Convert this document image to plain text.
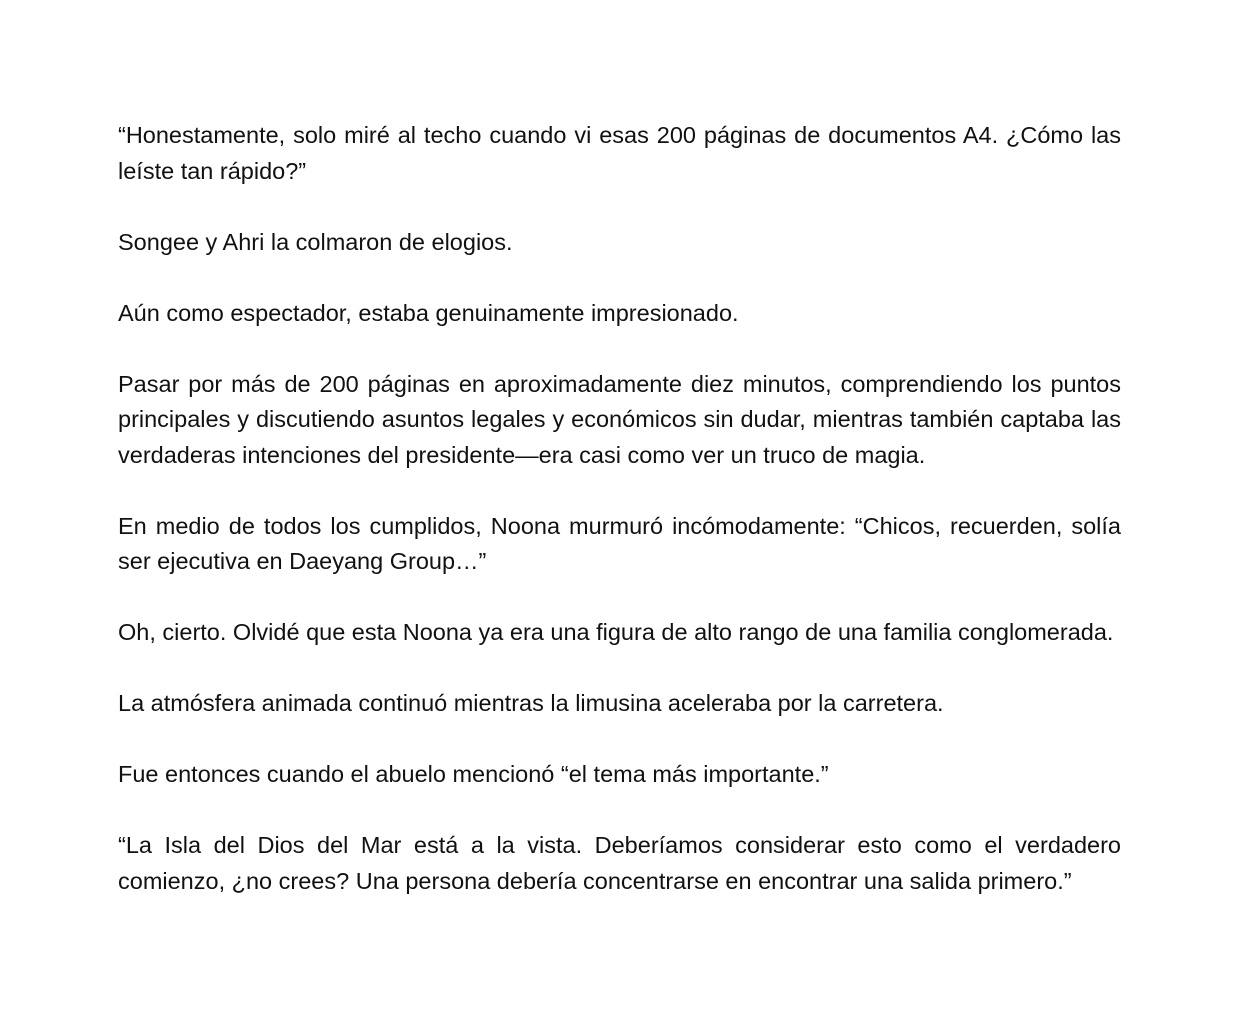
“Honestamente, solo miré al techo cuando vi esas 200 páginas de documentos A4. ¿Cómo las leíste tan rápido?”

Songee y Ahri la colmaron de elogios.

Aún como espectador, estaba genuinamente impresionado.

Pasar por más de 200 páginas en aproximadamente diez minutos, comprendiendo los puntos principales y discutiendo asuntos legales y económicos sin dudar, mientras también captaba las verdaderas intenciones del presidente—era casi como ver un truco de magia.

En medio de todos los cumplidos, Noona murmuró incómodamente: “Chicos, recuerden, solía ser ejecutiva en Daeyang Group…”

Oh, cierto. Olvidé que esta Noona ya era una figura de alto rango de una familia conglomerada.

La atmósfera animada continuó mientras la limusina aceleraba por la carretera.

Fue entonces cuando el abuelo mencionó “el tema más importante.”

“La Isla del Dios del Mar está a la vista. Deberíamos considerar esto como el verdadero comienzo, ¿no crees? Una persona debería concentrarse en encontrar una salida primero.”
